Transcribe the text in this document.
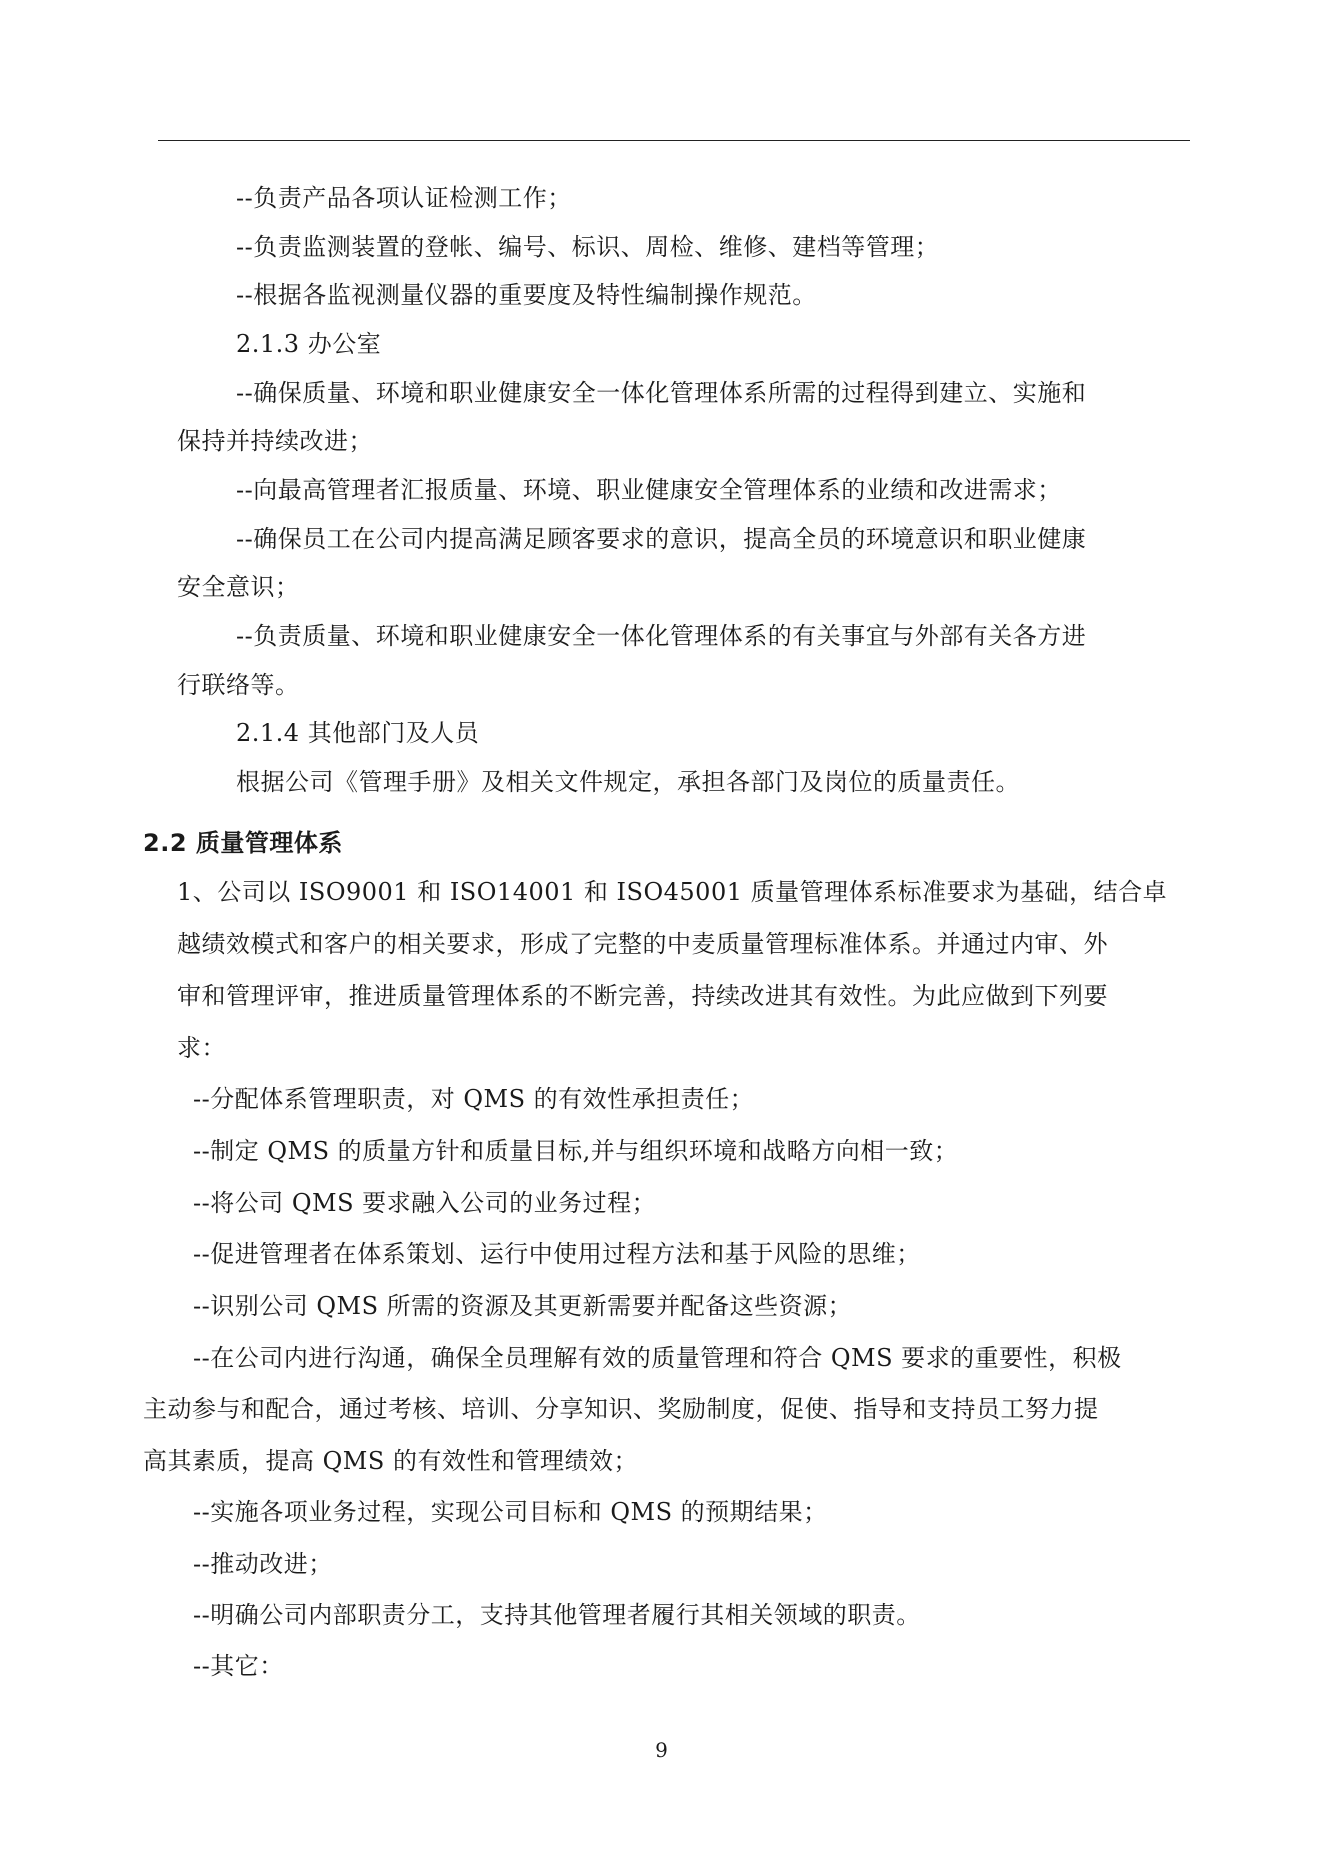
--负责产品各项认证检测工作；
--负责监测装置的登帐、编号、标识、周检、维修、建档等管理；
--根据各监视测量仪器的重要度及特性编制操作规范。
2.1.3 办公室
--确保质量、环境和职业健康安全一体化管理体系所需的过程得到建立、实施和
保持并持续改进；
--向最高管理者汇报质量、环境、职业健康安全管理体系的业绩和改进需求；
--确保员工在公司内提高满足顾客要求的意识，提高全员的环境意识和职业健康
安全意识；
--负责质量、环境和职业健康安全一体化管理体系的有关事宜与外部有关各方进
行联络等。
2.1.4 其他部门及人员
根据公司《管理手册》及相关文件规定，承担各部门及岗位的质量责任。
2.2 质量管理体系
1、公司以 ISO9001 和 ISO14001 和 ISO45001 质量管理体系标准要求为基础，结合卓
越绩效模式和客户的相关要求，形成了完整的中麦质量管理标准体系。并通过内审、外
审和管理评审，推进质量管理体系的不断完善，持续改进其有效性。为此应做到下列要
求：
--分配体系管理职责，对 QMS 的有效性承担责任；
--制定 QMS 的质量方针和质量目标,并与组织环境和战略方向相一致；
--将公司 QMS 要求融入公司的业务过程；
--促进管理者在体系策划、运行中使用过程方法和基于风险的思维；
--识别公司 QMS 所需的资源及其更新需要并配备这些资源；
--在公司内进行沟通，确保全员理解有效的质量管理和符合 QMS 要求的重要性，积极
主动参与和配合，通过考核、培训、分享知识、奖励制度，促使、指导和支持员工努力提
高其素质，提高 QMS 的有效性和管理绩效；
--实施各项业务过程，实现公司目标和 QMS 的预期结果；
--推动改进；
--明确公司内部职责分工，支持其他管理者履行其相关领域的职责。
--其它：
9
